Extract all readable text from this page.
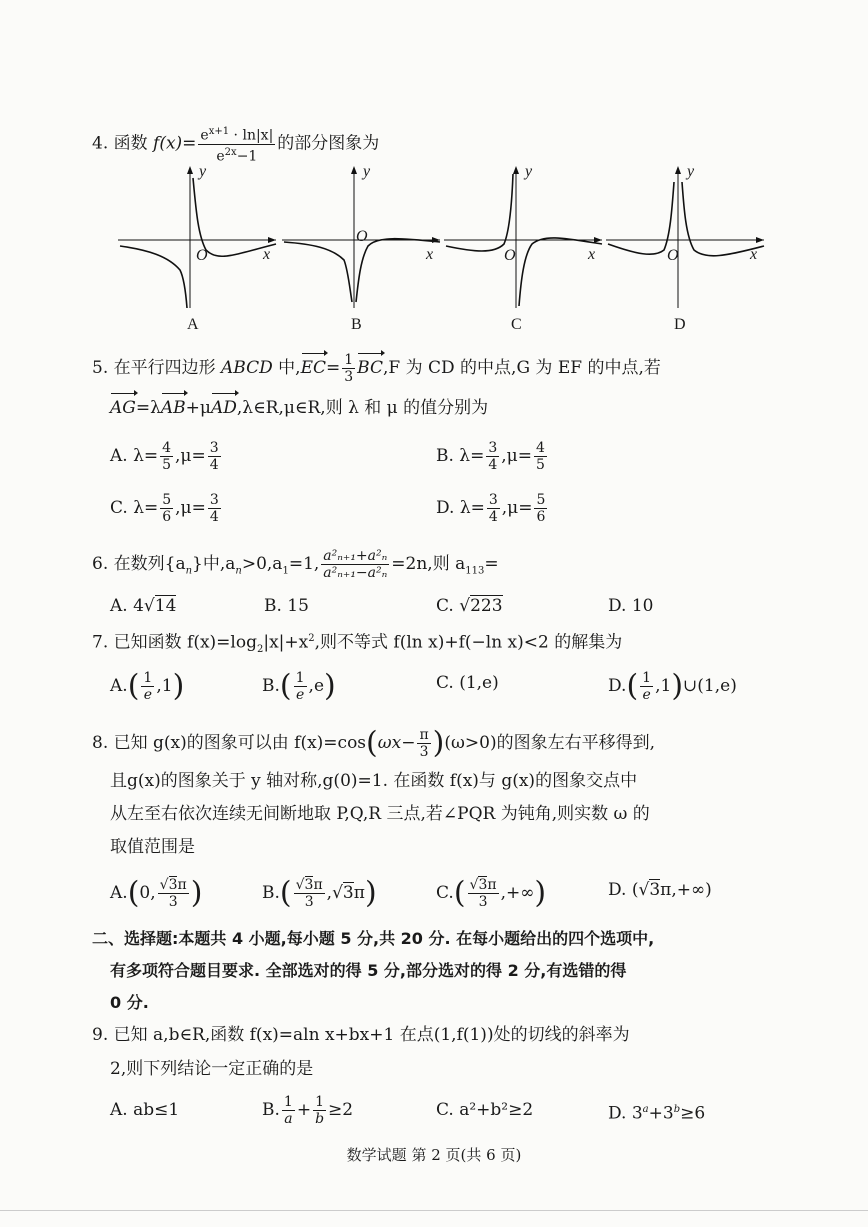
4. 函数 $f(x)= \frac{e^{x+1} \cdot \ln|x|}{e^{2x}-1}$ 的部分图象为
y
x
O
y
x
O
y
x
O
y
x
O
A	B	C	D
5. 在平行四边形 ABCD 中$,EC= \frac{1}{3} BC,F$ 为 CD 的中点,G 为 EF 的中点,若
AG=λAB+μAD,λ∈R,μ∈R,则 λ 和 μ 的值分别为
A. $\lambda= \frac{4}{5} ,\mu= \frac{3}{4}$	B. $\lambda= \frac{3}{4} ,\mu= \frac{4}{5}$
C. $\lambda= \frac{5}{6} ,\mu= \frac{3}{4}$	D. $\lambda= \frac{3}{4} ,\mu= \frac{5}{6}$
6. 在数列$\{a_n\}$中$,a_n>0,a_1=1$, $\frac{\text{a²ₙ₊₁+a²ₙ}}{\text{a²ₙ₊₁−a²ₙ}} =2n$,则 $a_{113}=$
A. 4√14	B. 15	C. √223	D. 10
7. 已知函数 $f(x)=\log_2|x|+x^2$,则不等式 f(ln x)+f(−ln x)<2 的解集为
$A.( \frac{1}{e} ,1)$	$B.( \frac{1}{e} ,e)$	C. (1,e)	$D.( \frac{1}{e}$ ,1)∪(1,e)
8. 已知 g(x)的图象可以由 $f(x)=\cos(\omega x- \frac{\pi}{3} )(\omega>0)$的图象左右平移得到,
且g(x)的图象关于 y 轴对称,g(0)=1. 在函数 f(x)与 g(x)的图象交点中
从左至右依次连续无间断地取 P,Q,R 三点,若∠PQR 为钝角,则实数 ω 的
取值范围是
A.(0, $\frac{√3\pi}{3}$ )	$B.( \frac{√3\pi}{3} ,√3\pi)$	$C.( \frac{√3\pi}{3}$ ,+∞)	D. (√3π,+∞)
二、选择题:本题共 4 小题,每小题 5 分,共 20 分. 在每小题给出的四个选项中,
有多项符合题目要求. 全部选对的得 5 分,部分选对的得 2 分,有选错的得
0 分.
9. 已知 a,b∈R,函数 f(x)=aln x+bx+1 在点(1,f(1))处的切线的斜率为
2,则下列结论一定正确的是
A. ab≤1	B. $\frac{1}{a} + \frac{1}{b} \ge 2$	C. a²+b²≥2	D. $3^a+3^b\ge 6$
数学试题 第 2 页(共 6 页)
